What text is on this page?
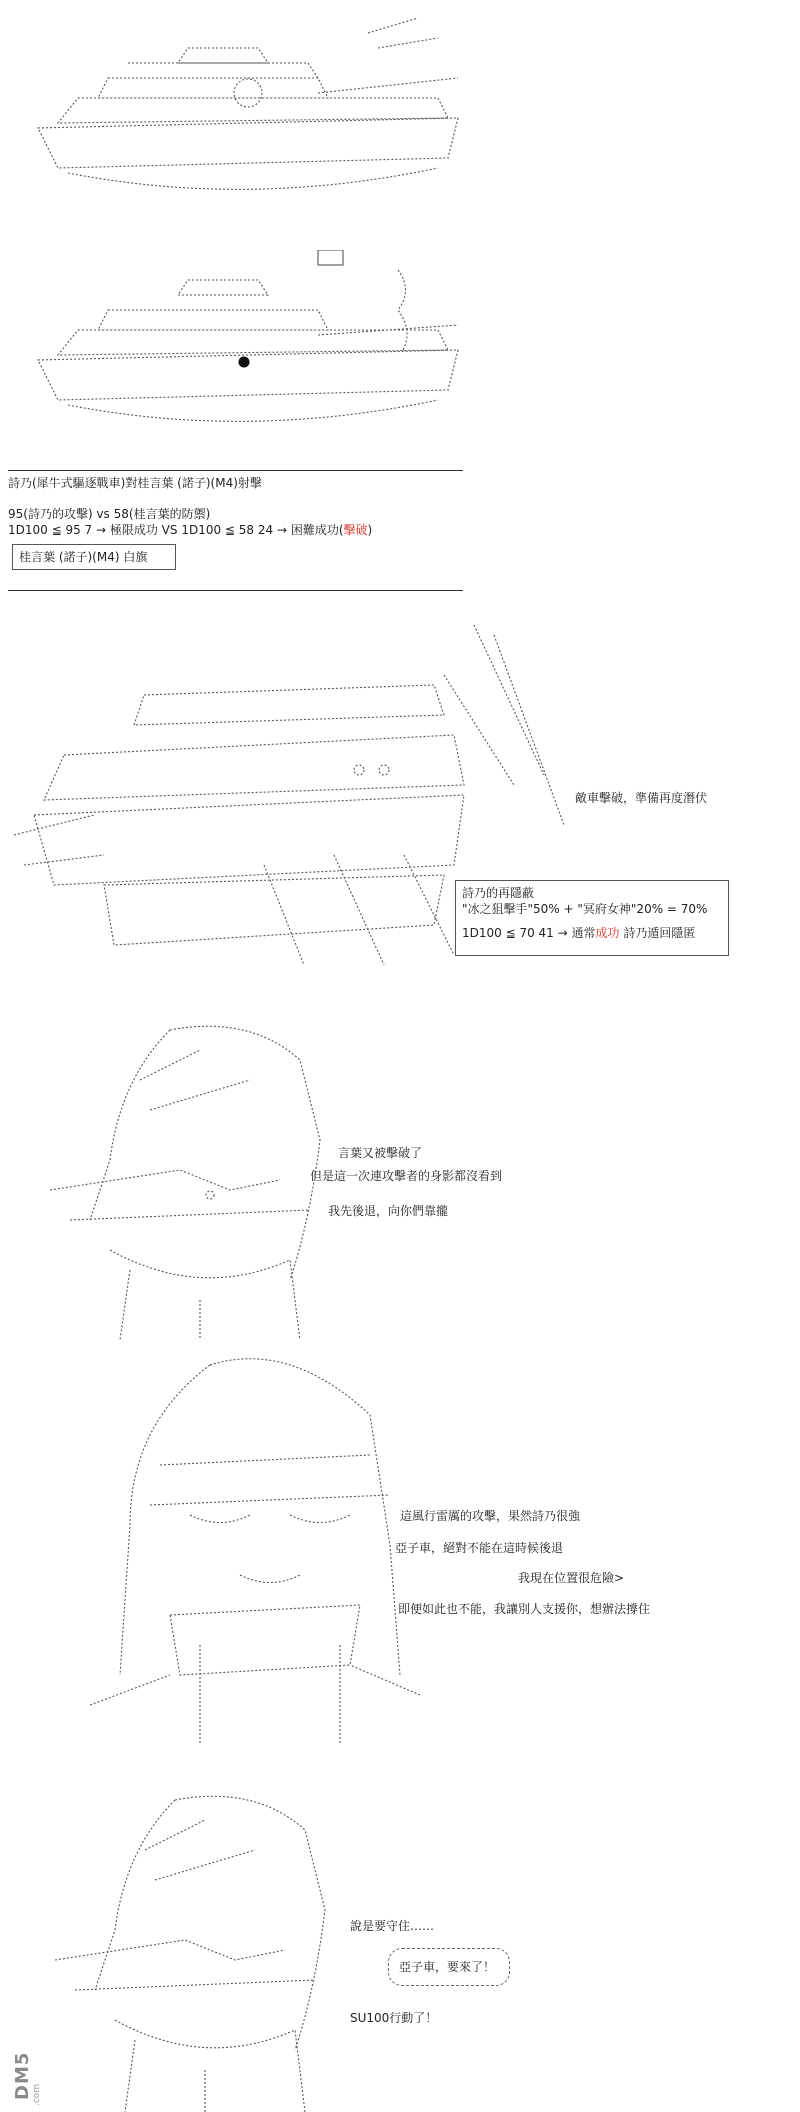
詩乃(犀牛式驅逐戰車)對桂言葉 (諾子)(M4)射擊
95(詩乃的攻擊) vs 58(桂言葉的防禦)
1D100 ≦ 95 7 → 極限成功 VS 1D100 ≦ 58 24 → 困難成功(擊破)
桂言葉 (諾子)(M4) 白旗
敵車擊破，準備再度潛伏
詩乃的再隱蔽
"冰之狙擊手"50% + "冥府女神"20% = 70%
1D100 ≦ 70 41 → 通常成功 詩乃遁回隱匿
言葉又被擊破了
但是這一次連攻擊者的身影都沒看到
我先後退，向你們靠攏
這風行雷厲的攻擊，果然詩乃很強
亞子車，絕對不能在這時候後退
我現在位置很危險>
即便如此也不能，我讓別人支援你，想辦法撐住
說是要守住……
亞子車，要來了！
SU100行動了！
DM5 .com
